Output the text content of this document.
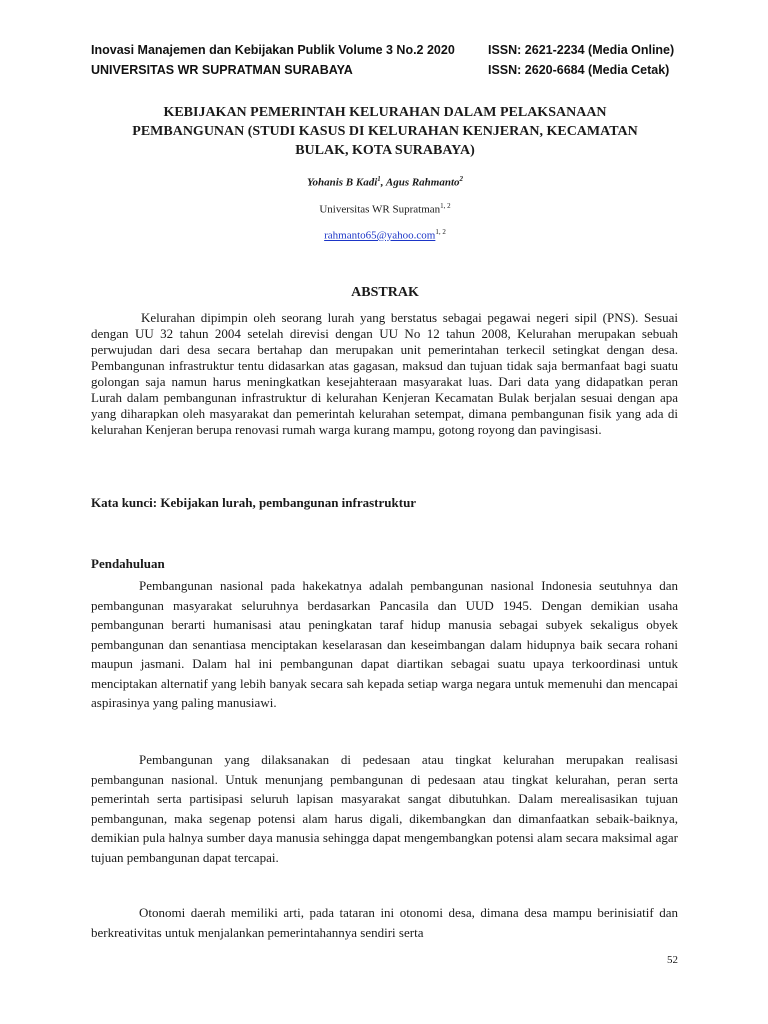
Inovasi Manajemen dan Kebijakan Publik Volume 3 No.2 2020
UNIVERSITAS WR SUPRATMAN SURABAYA
ISSN: 2621-2234 (Media Online)
ISSN: 2620-6684 (Media Cetak)
KEBIJAKAN PEMERINTAH KELURAHAN DALAM PELAKSANAAN
PEMBANGUNAN (STUDI KASUS DI KELURAHAN KENJERAN, KECAMATAN
BULAK, KOTA SURABAYA)
Yohanis B Kadi$^1$, Agus Rahmanto$^2$
Universitas WR Supratman$^{1, 2}$
rahmanto65@yahoo.com$^{1, 2}$
ABSTRAK

Kelurahan dipimpin oleh seorang lurah yang berstatus sebagai pegawai negeri sipil (PNS). Sesuai dengan UU 32 tahun 2004 setelah direvisi dengan UU No 12 tahun 2008, Kelurahan merupakan sebuah perwujudan dari desa secara bertahap dan merupakan unit pemerintahan terkecil setingkat dengan desa. Pembangunan infrastruktur tentu didasarkan atas gagasan, maksud dan tujuan tidak saja bermanfaat bagi suatu golongan saja namun harus meningkatkan kesejahteraan masyarakat luas. Dari data yang didapatkan peran Lurah dalam pembangunan infrastruktur di kelurahan Kenjeran Kecamatan Bulak berjalan sesuai dengan apa yang diharapkan oleh masyarakat dan pemerintah kelurahan setempat, dimana pembangunan fisik yang ada di kelurahan Kenjeran berupa renovasi rumah warga kurang mampu, gotong royong dan pavingisasi.

Kata kunci: Kebijakan lurah, pembangunan infrastruktur
Pendahuluan

Pembangunan nasional pada hakekatnya adalah pembangunan nasional Indonesia seutuhnya dan pembangunan masyarakat seluruhnya berdasarkan Pancasila dan UUD 1945. Dengan demikian usaha pembangunan berarti humanisasi atau peningkatan taraf hidup manusia sebagai subyek sekaligus obyek pembangunan dan senantiasa menciptakan keselarasan dan keseimbangan dalam hidupnya baik secara rohani maupun jasmani. Dalam hal ini pembangunan dapat diartikan sebagai suatu upaya terkoordinasi untuk menciptakan alternatif yang lebih banyak secara sah kepada setiap warga negara untuk memenuhi dan mencapai aspirasinya yang paling manusiawi.

Pembangunan yang dilaksanakan di pedesaan atau tingkat kelurahan merupakan realisasi pembangunan nasional. Untuk menunjang pembangunan di pedesaan atau tingkat kelurahan, peran serta pemerintah serta partisipasi seluruh lapisan masyarakat sangat dibutuhkan. Dalam merealisasikan tujuan pembangunan, maka segenap potensi alam harus digali, dikembangkan dan dimanfaatkan sebaik-baiknya, demikian pula halnya sumber daya manusia sehingga dapat mengembangkan potensi alam secara maksimal agar tujuan pembangunan dapat tercapai.

Otonomi daerah memiliki arti, pada tataran ini otonomi desa, dimana desa mampu berinisiatif dan berkreativitas untuk menjalankan pemerintahannya sendiri serta

52
